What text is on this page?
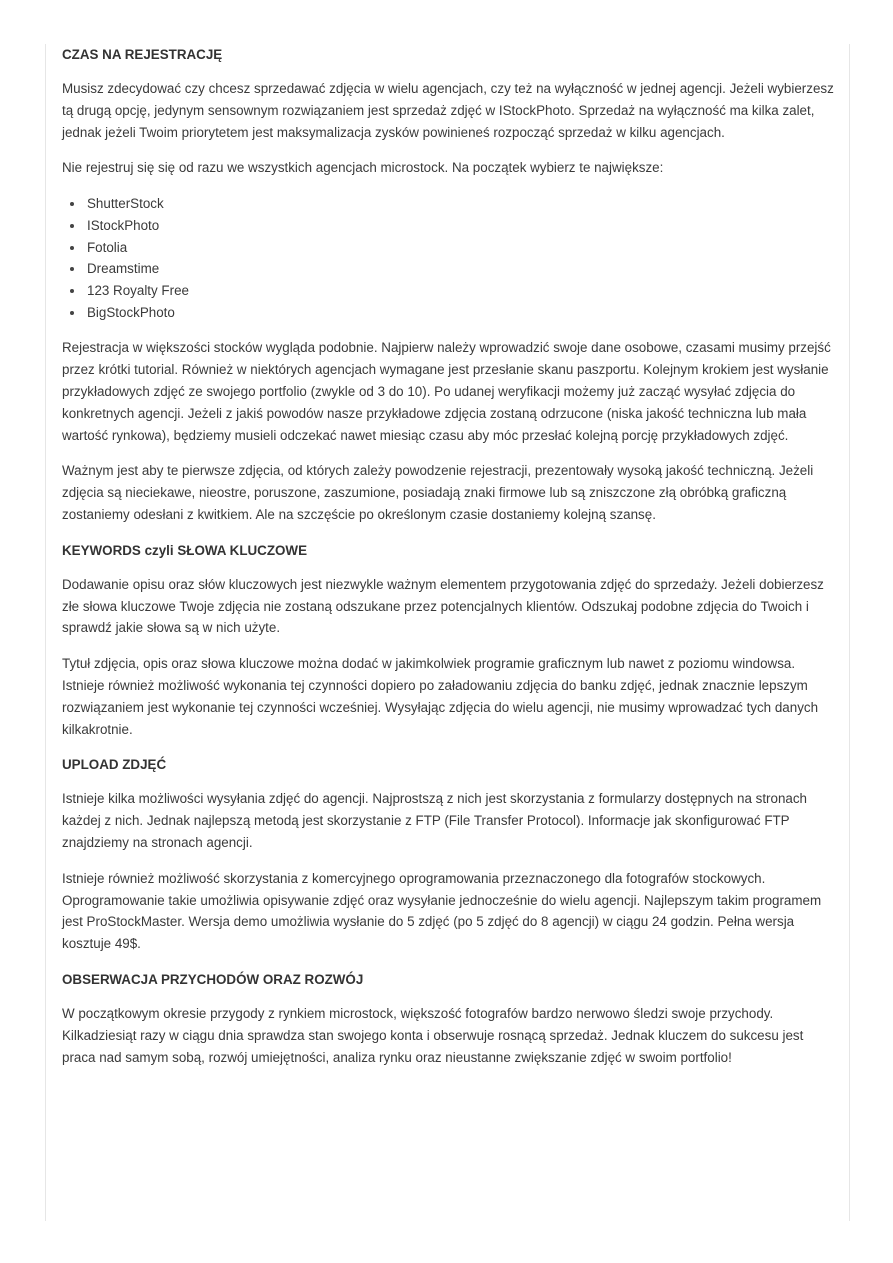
CZAS NA REJESTRACJĘ

Musisz zdecydować czy chcesz sprzedawać zdjęcia w wielu agencjach, czy też na wyłączność w jednej agencji. Jeżeli wybierzesz tą drugą opcję, jedynym sensownym rozwiązaniem jest sprzedaż zdjęć w IStockPhoto. Sprzedaż na wyłączność ma kilka zalet, jednak jeżeli Twoim priorytetem jest maksymalizacja zysków powinieneś rozpocząć sprzedaż w kilku agencjach.

Nie rejestruj się się od razu we wszystkich agencjach microstock. Na początek wybierz te największe:

ShutterStock
IStockPhoto
Fotolia
Dreamstime
123 Royalty Free
BigStockPhoto

Rejestracja w większości stocków wygląda podobnie. Najpierw należy wprowadzić swoje dane osobowe, czasami musimy przejść przez krótki tutorial. Również w niektórych agencjach wymagane jest przesłanie skanu paszportu. Kolejnym krokiem jest wysłanie przykładowych zdjęć ze swojego portfolio (zwykle od 3 do 10). Po udanej weryfikacji możemy już zacząć wysyłać zdjęcia do konkretnych agencji. Jeżeli z jakiś powodów nasze przykładowe zdjęcia zostaną odrzucone (niska jakość techniczna lub mała wartość rynkowa), będziemy musieli odczekać nawet miesiąc czasu aby móc przesłać kolejną porcję przykładowych zdjęć.

Ważnym jest aby te pierwsze zdjęcia, od których zależy powodzenie rejestracji, prezentowały wysoką jakość techniczną. Jeżeli zdjęcia są nieciekawe, nieostre, poruszone, zaszumione, posiadają znaki firmowe lub są zniszczone złą obróbką graficzną zostaniemy odesłani z kwitkiem. Ale na szczęście po określonym czasie dostaniemy kolejną szansę.

KEYWORDS czyli SŁOWA KLUCZOWE

Dodawanie opisu oraz słów kluczowych jest niezwykle ważnym elementem przygotowania zdjęć do sprzedaży. Jeżeli dobierzesz złe słowa kluczowe Twoje zdjęcia nie zostaną odszukane przez potencjalnych klientów. Odszukaj podobne zdjęcia do Twoich i sprawdź jakie słowa są w nich użyte.

Tytuł zdjęcia, opis oraz słowa kluczowe można dodać w jakimkolwiek programie graficznym lub nawet z poziomu windowsa. Istnieje również możliwość wykonania tej czynności dopiero po załadowaniu zdjęcia do banku zdjęć, jednak znacznie lepszym rozwiązaniem jest wykonanie tej czynności wcześniej. Wysyłając zdjęcia do wielu agencji, nie musimy wprowadzać tych danych kilkakrotnie.

UPLOAD ZDJĘĆ

Istnieje kilka możliwości wysyłania zdjęć do agencji. Najprostszą z nich jest skorzystania z formularzy dostępnych na stronach każdej z nich. Jednak najlepszą metodą jest skorzystanie z FTP (File Transfer Protocol). Informacje jak skonfigurować FTP znajdziemy na stronach agencji.

Istnieje również możliwość skorzystania z komercyjnego oprogramowania przeznaczonego dla fotografów stockowych. Oprogramowanie takie umożliwia opisywanie zdjęć oraz wysyłanie jednocześnie do wielu agencji. Najlepszym takim programem jest ProStockMaster. Wersja demo umożliwia wysłanie do 5 zdjęć (po 5 zdjęć do 8 agencji) w ciągu 24 godzin. Pełna wersja kosztuje 49$.

OBSERWACJA PRZYCHODÓW ORAZ ROZWÓJ

W początkowym okresie przygody z rynkiem microstock, większość fotografów bardzo nerwowo śledzi swoje przychody. Kilkadziesiąt razy w ciągu dnia sprawdza stan swojego konta i obserwuje rosnącą sprzedaż. Jednak kluczem do sukcesu jest praca nad samym sobą, rozwój umiejętności, analiza rynku oraz nieustanne zwiększanie zdjęć w swoim portfolio!
